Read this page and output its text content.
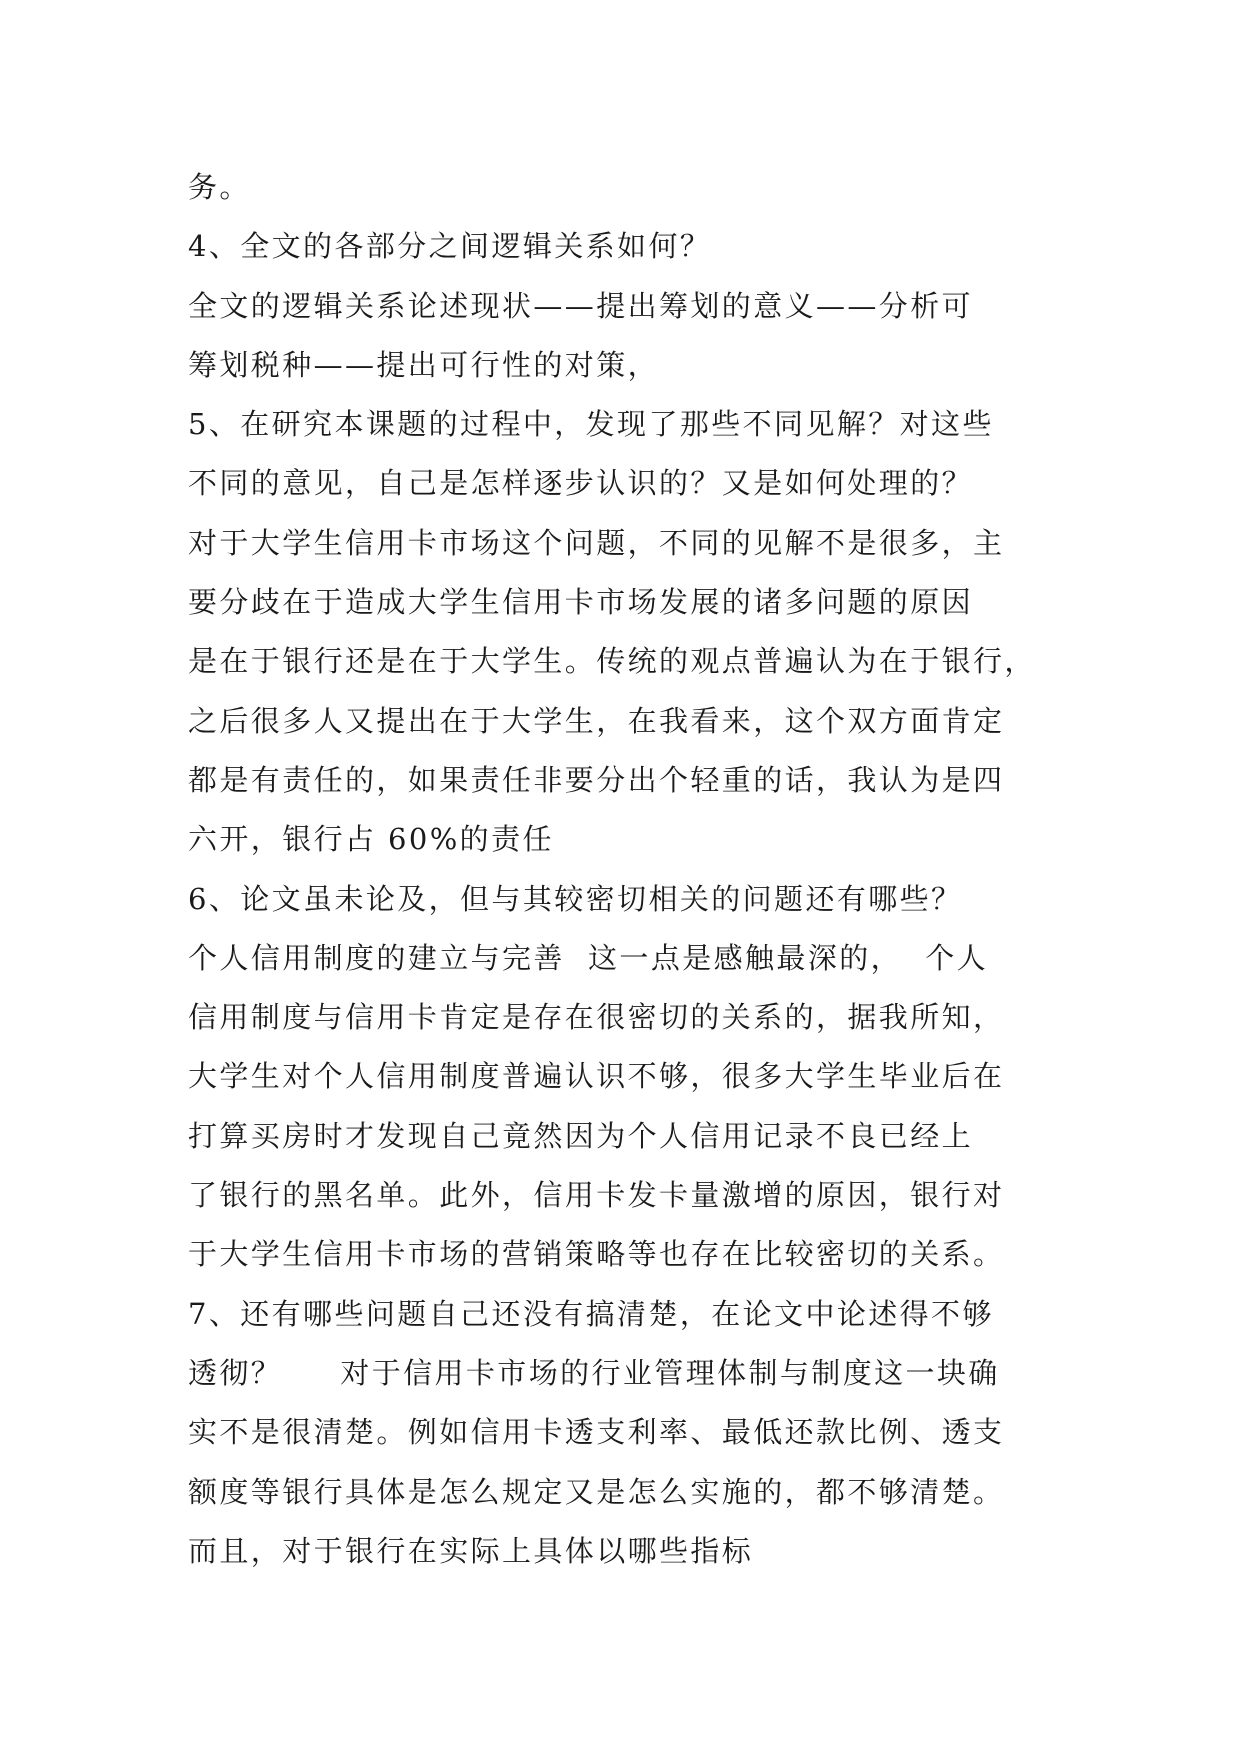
务。
4、全文的各部分之间逻辑关系如何？
全文的逻辑关系论述现状——提出筹划的意义——分析可
筹划税种——提出可行性的对策，
5、在研究本课题的过程中，发现了那些不同见解？对这些
不同的意见，自己是怎样逐步认识的？又是如何处理的？
对于大学生信用卡市场这个问题，不同的见解不是很多，主
要分歧在于造成大学生信用卡市场发展的诸多问题的原因
是在于银行还是在于大学生。传统的观点普遍认为在于银行，
之后很多人又提出在于大学生，在我看来，这个双方面肯定
都是有责任的，如果责任非要分出个轻重的话，我认为是四
六开，银行占 60%的责任
6、论文虽未论及，但与其较密切相关的问题还有哪些？
个人信用制度的建立与完善  这一点是感触最深的，  个人
信用制度与信用卡肯定是存在很密切的关系的，据我所知，
大学生对个人信用制度普遍认识不够，很多大学生毕业后在
打算买房时才发现自己竟然因为个人信用记录不良已经上
了银行的黑名单。此外，信用卡发卡量激增的原因，银行对
于大学生信用卡市场的营销策略等也存在比较密切的关系。
7、还有哪些问题自己还没有搞清楚，在论文中论述得不够
透彻？     对于信用卡市场的行业管理体制与制度这一块确
实不是很清楚。例如信用卡透支利率、最低还款比例、透支
额度等银行具体是怎么规定又是怎么实施的，都不够清楚。
而且，对于银行在实际上具体以哪些指标
